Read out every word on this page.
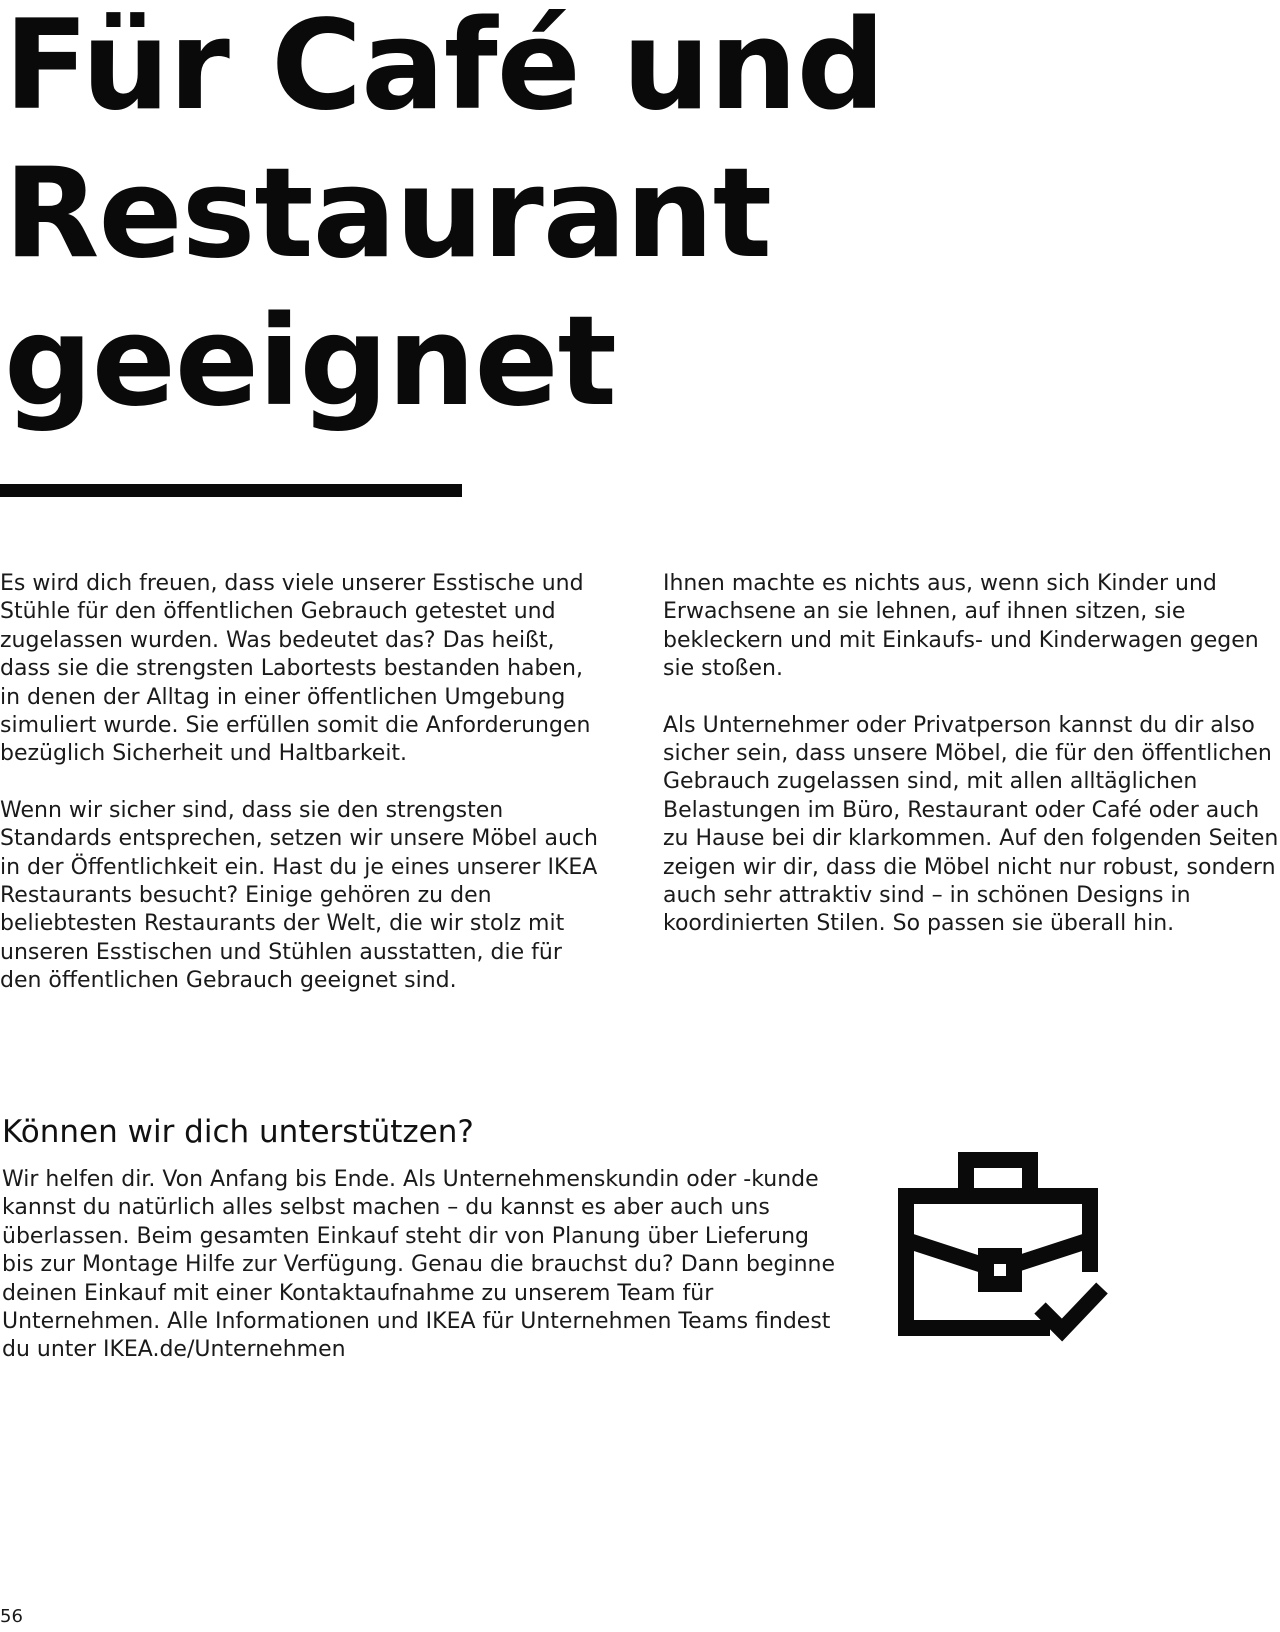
Für Café und Restaurant geeignet

Es wird dich freuen, dass viele unserer Esstische und Stühle für den öffentlichen Gebrauch getestet und zugelassen wurden. Was bedeutet das? Das heißt, dass sie die strengsten Labortests bestanden haben, in denen der Alltag in einer öffentlichen Umgebung simuliert wurde. Sie erfüllen somit die Anforderungen bezüglich Sicherheit und Haltbarkeit.

Wenn wir sicher sind, dass sie den strengsten Standards entsprechen, setzen wir unsere Möbel auch in der Öffentlichkeit ein. Hast du je eines unserer IKEA Restaurants besucht? Einige gehören zu den beliebtesten Restaurants der Welt, die wir stolz mit unseren Esstischen und Stühlen ausstatten, die für den öffentlichen Gebrauch geeignet sind.

Ihnen machte es nichts aus, wenn sich Kinder und Erwachsene an sie lehnen, auf ihnen sitzen, sie bekleckern und mit Einkaufs- und Kinderwagen gegen sie stoßen.

Als Unternehmer oder Privatperson kannst du dir also sicher sein, dass unsere Möbel, die für den öffentlichen Gebrauch zugelassen sind, mit allen alltäglichen Belastungen im Büro, Restaurant oder Café oder auch zu Hause bei dir klarkommen. Auf den folgenden Seiten zeigen wir dir, dass die Möbel nicht nur robust, sondern auch sehr attraktiv sind – in schönen Designs in koordinierten Stilen. So passen sie überall hin.

Können wir dich unterstützen?

Wir helfen dir. Von Anfang bis Ende. Als Unternehmenskundin oder -kunde kannst du natürlich alles selbst machen – du kannst es aber auch uns überlassen. Beim gesamten Einkauf steht dir von Planung über Lieferung bis zur Montage Hilfe zur Verfügung. Genau die brauchst du? Dann beginne deinen Einkauf mit einer Kontaktaufnahme zu unserem Team für Unternehmen. Alle Informationen und IKEA für Unternehmen Teams findest du unter IKEA.de/Unternehmen

56
